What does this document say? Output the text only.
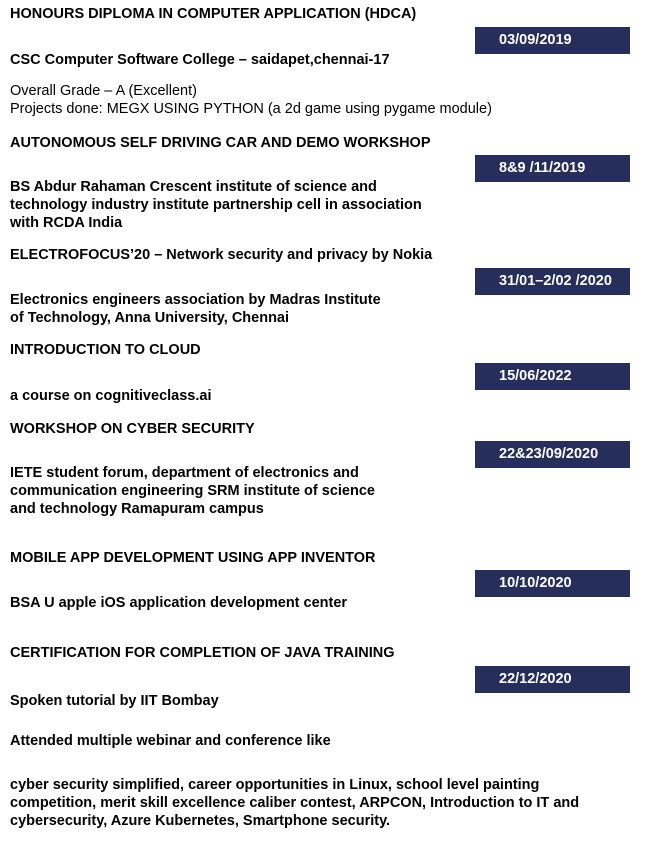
HONOURS DIPLOMA IN COMPUTER APPLICATION (HDCA)
03/09/2019
CSC Computer Software College – saidapet,chennai-17
Overall Grade – A (Excellent)
Projects done: MEGX USING PYTHON (a 2d game using pygame module)
AUTONOMOUS SELF DRIVING CAR AND DEMO WORKSHOP
8&9 /11/2019
BS Abdur Rahaman Crescent institute of science and
technology industry institute partnership cell in association
with RCDA India
ELECTROFOCUS’20 – Network security and privacy by Nokia
31/01–2/02 /2020
Electronics engineers association by Madras Institute
of Technology, Anna University, Chennai
INTRODUCTION TO CLOUD
15/06/2022
a course on cognitiveclass.ai
WORKSHOP ON CYBER SECURITY
22&23/09/2020
IETE student forum, department of electronics and
communication engineering SRM institute of science
and technology Ramapuram campus
MOBILE APP DEVELOPMENT USING APP INVENTOR
10/10/2020
BSA U apple iOS application development center
CERTIFICATION FOR COMPLETION OF JAVA TRAINING
22/12/2020
Spoken tutorial by IIT Bombay
Attended multiple webinar and conference like
cyber security simplified, career opportunities in Linux, school level painting
competition, merit skill excellence caliber contest, ARPCON, Introduction to IT and
cybersecurity, Azure Kubernetes, Smartphone security.
